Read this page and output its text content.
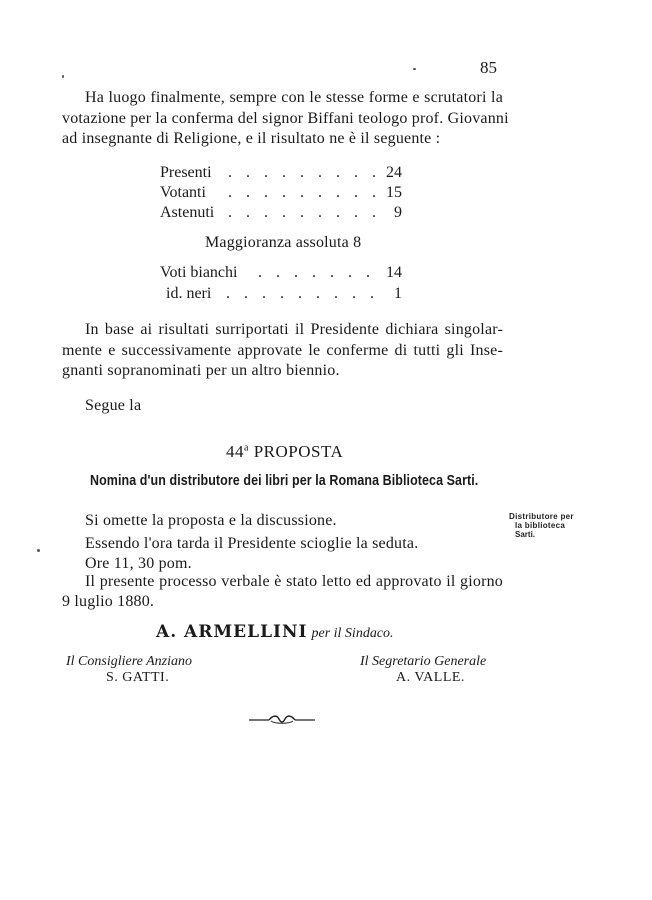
85
Ha luogo finalmente, sempre con le stesse forme e scrutatori la
votazione per la conferma del signor Biffani teologo prof. Giovanni
ad insegnante di Religione, e il risultato ne è il seguente :
Presenti . . . . . . . . . 24
Votanti . . . . . . . . . 15
Astenuti . . . . . . . . . 9
Maggioranza assoluta 8
Voti bianchi . . . . . . . 14
id. neri . . . . . . . . . 1
In base ai risultati surriportati il Presidente dichiara singolar-
mente e successivamente approvate le conferme di tutti gli Inse-
gnanti sopranominati per un altro biennio.
Segue la
44$^a$ PROPOSTA
Nomina d'un distributore dei libri per la Romana Biblioteca Sarti.
Distributore per
la biblioteca
Sarti.
Si omette la proposta e la discussione.
Essendo l'ora tarda il Presidente scioglie la seduta.
Ore 11, 30 pom.
Il presente processo verbale è stato letto ed approvato il giorno
9 luglio 1880.
A. ARMELLINI per il Sindaco.
Il Consigliere Anziano
S. GATTI.
Il Segretario Generale
A. VALLE.
